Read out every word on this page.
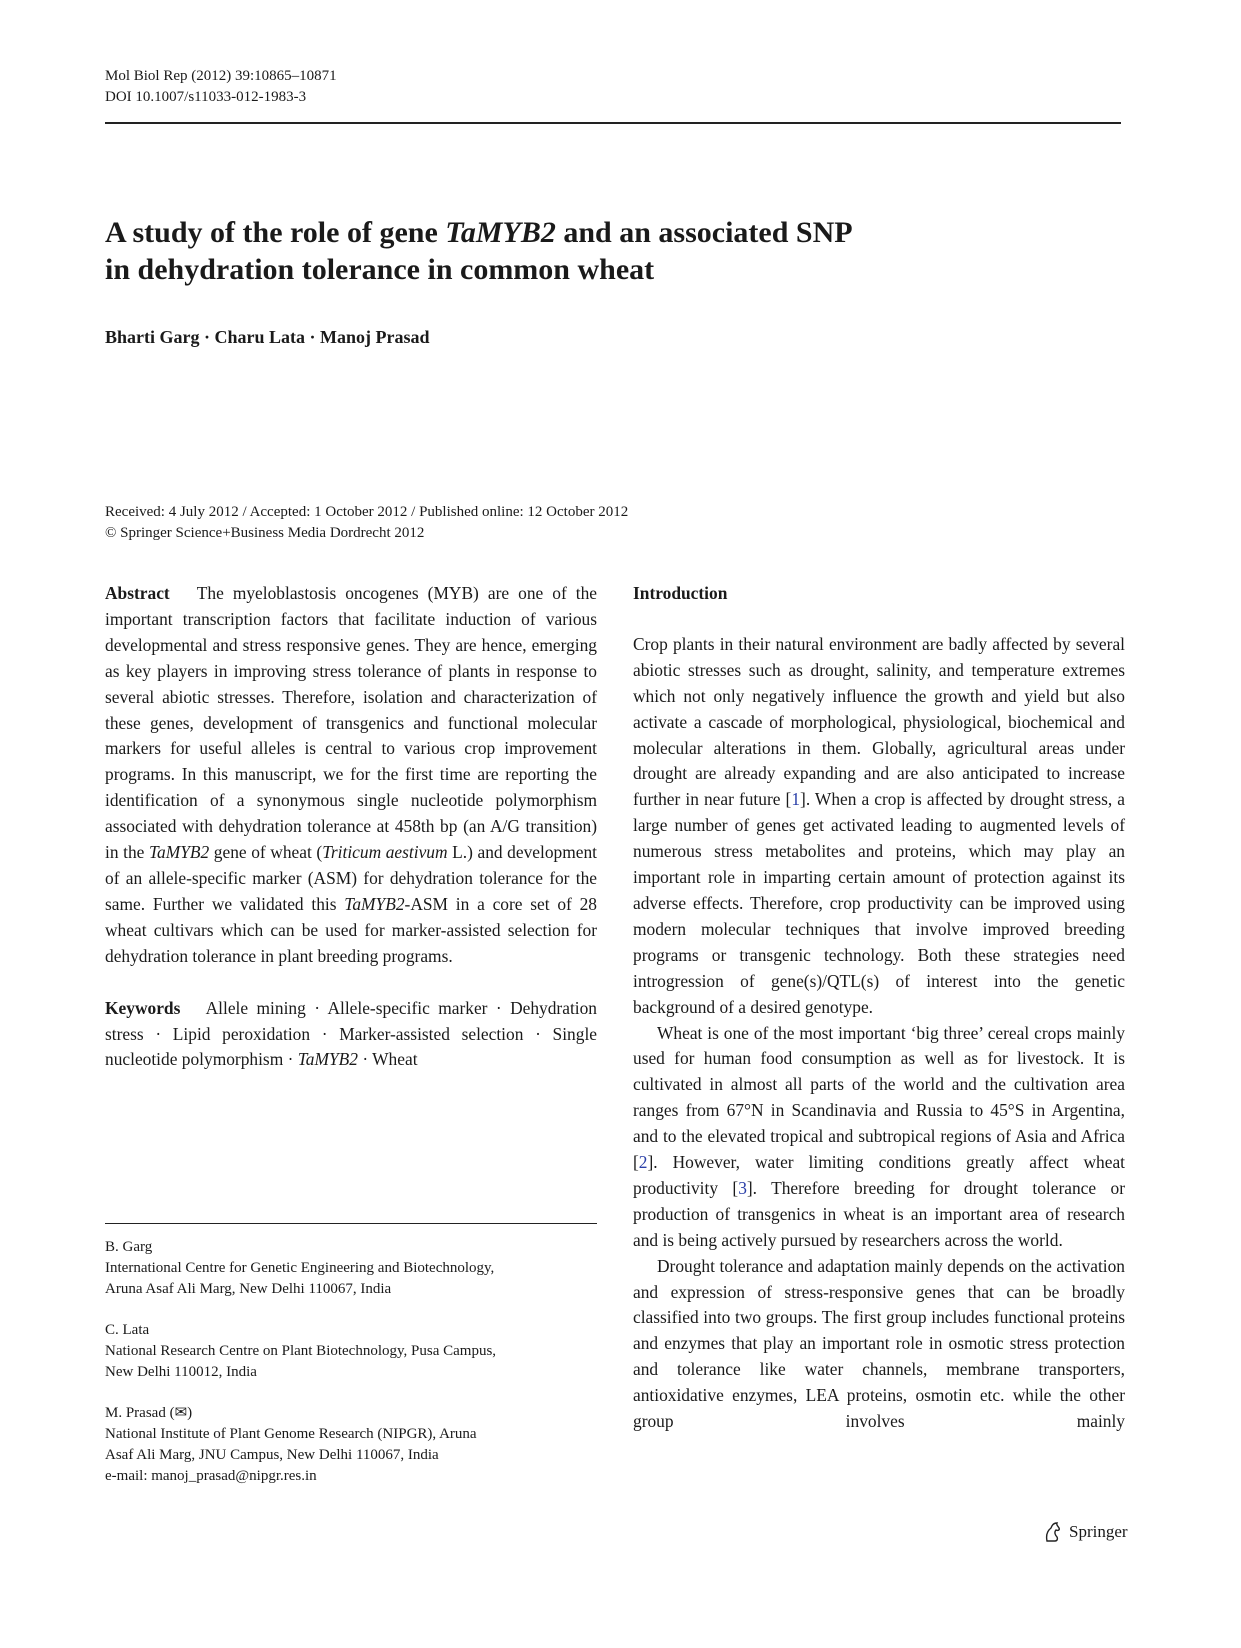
Mol Biol Rep (2012) 39:10865–10871
DOI 10.1007/s11033-012-1983-3
A study of the role of gene TaMYB2 and an associated SNP
in dehydration tolerance in common wheat
Bharti Garg · Charu Lata · Manoj Prasad
Received: 4 July 2012 / Accepted: 1 October 2012 / Published online: 12 October 2012
© Springer Science+Business Media Dordrecht 2012

Abstract The myeloblastosis oncogenes (MYB) are one of the important transcription factors that facilitate induction of various developmental and stress responsive genes. They are hence, emerging as key players in improving stress tolerance of plants in response to several abiotic stresses. Therefore, isolation and characterization of these genes, development of transgenics and functional molecular markers for useful alleles is central to various crop improvement programs. In this manuscript, we for the first time are reporting the identification of a synonymous single nucleotide polymorphism associated with dehydration tolerance at 458th bp (an A/G transition) in the TaMYB2 gene of wheat (Triticum aestivum L.) and development of an allele-specific marker (ASM) for dehydration tolerance for the same. Further we validated this TaMYB2-ASM in a core set of 28 wheat cultivars which can be used for marker-assisted selection for dehydration tolerance in plant breeding programs.

Keywords Allele mining · Allele-specific marker · Dehydration stress · Lipid peroxidation · Marker-assisted selection · Single nucleotide polymorphism · TaMYB2 · Wheat

B. Garg
International Centre for Genetic Engineering and Biotechnology,
Aruna Asaf Ali Marg, New Delhi 110067, India
C. Lata
National Research Centre on Plant Biotechnology, Pusa Campus,
New Delhi 110012, India
M. Prasad (✉)
National Institute of Plant Genome Research (NIPGR), Aruna
Asaf Ali Marg, JNU Campus, New Delhi 110067, India
e-mail: manoj_prasad@nipgr.res.in
Introduction

Crop plants in their natural environment are badly affected by several abiotic stresses such as drought, salinity, and temperature extremes which not only negatively influence the growth and yield but also activate a cascade of morphological, physiological, biochemical and molecular alterations in them. Globally, agricultural areas under drought are already expanding and are also anticipated to increase further in near future [1]. When a crop is affected by drought stress, a large number of genes get activated leading to augmented levels of numerous stress metabolites and proteins, which may play an important role in imparting certain amount of protection against its adverse effects. Therefore, crop productivity can be improved using modern molecular techniques that involve improved breeding programs or transgenic technology. Both these strategies need introgression of gene(s)/QTL(s) of interest into the genetic background of a desired genotype.

Wheat is one of the most important ‘big three’ cereal crops mainly used for human food consumption as well as for livestock. It is cultivated in almost all parts of the world and the cultivation area ranges from 67°N in Scandinavia and Russia to 45°S in Argentina, and to the elevated tropical and subtropical regions of Asia and Africa [2]. However, water limiting conditions greatly affect wheat productivity [3]. Therefore breeding for drought tolerance or production of transgenics in wheat is an important area of research and is being actively pursued by researchers across the world.

Drought tolerance and adaptation mainly depends on the activation and expression of stress-responsive genes that can be broadly classified into two groups. The first group includes functional proteins and enzymes that play an important role in osmotic stress protection and tolerance like water channels, membrane transporters, antioxidative enzymes, LEA proteins, osmotin etc. while the other group involves mainly

Springer
